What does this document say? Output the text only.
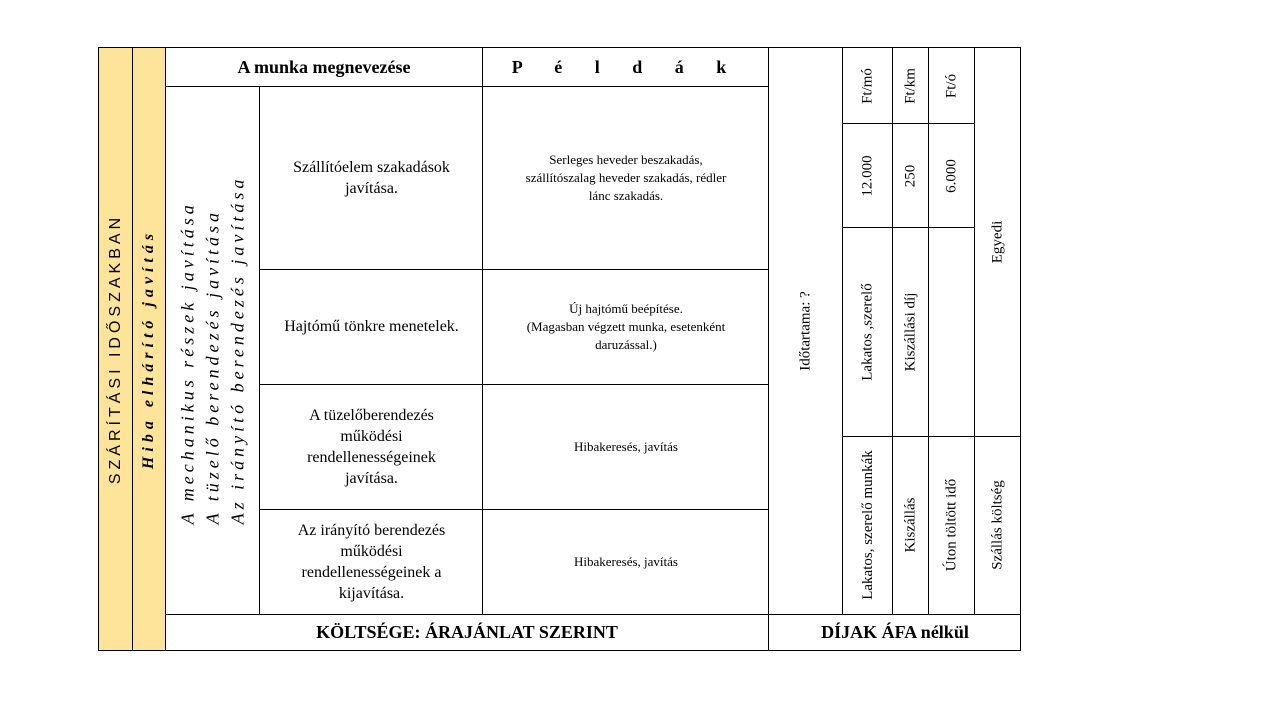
SZÁRÍTÁSI IDŐSZAKBAN Hiba elhárító javítás A mechanikus részek javítása A tüzelő berendezés javítása Az irányító berendezés javítása
A munka megnevezése	P é l d á k
Szállítóelem szakadások javítása.
Serleges heveder beszakadás,
szállítószalag heveder szakadás, rédler
lánc szakadás.
Hajtómű tönkre menetelek.
Új hajtómű beépítése.
(Magasban végzett munka, esetenként
daruzással.)
A tüzelőberendezés működési rendellenességeinek javítása.
Hibakeresés, javítás
Az irányító berendezés működési rendellenességeinek a kijavítása.
Hibakeresés, javítás
Időtartama: ?
Ft/mó Ft/km Ft/ó
12.000 250 6.000
Lakatos ,szerelő Kiszállási díj
Egyedi
Lakatos, szerelő munkák Kiszállás Úton töltött idő Szállás költség
KÖLTSÉGE: ÁRAJÁNLAT SZERINT	DÍJAK ÁFA nélkül
